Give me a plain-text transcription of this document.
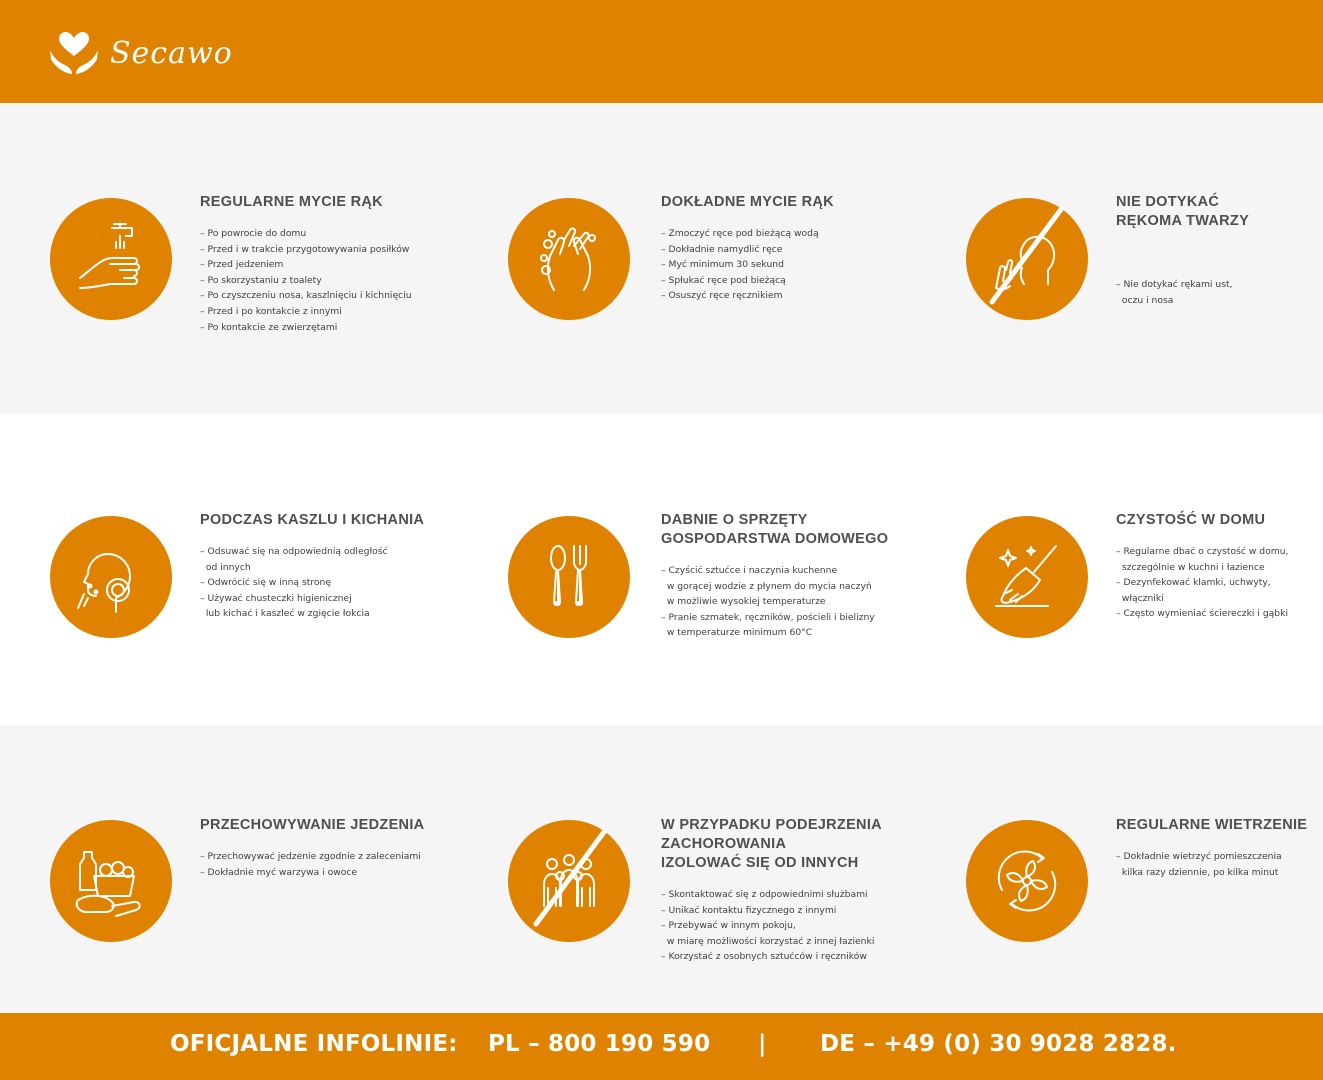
Secawo
REGULARNE MYCIE RĄK
– Po powrocie do domu
– Przed i w trakcie przygotowywania posiłków
– Przed jedzeniem
– Po skorzystaniu z toalety
– Po czyszczeniu nosa, kaszlnięciu i kichnięciu
– Przed i po kontakcie z innymi
– Po kontakcie ze zwierzętami
DOKŁADNE MYCIE RĄK
– Zmoczyć ręce pod bieżącą wodą
– Dokładnie namydlić ręce
– Myć minimum 30 sekund
– Spłukać ręce pod bieżącą
– Osuszyć ręce ręcznikiem
NIE DOTYKAĆ
RĘKOMA TWARZY

– Nie dotykać rękami ust,
oczu i nosa

PODCZAS KASZLU I KICHANIA
– Odsuwać się na odpowiednią odległość
od innych
– Odwrócić się w inną stronę
– Używać chusteczki higienicznej
lub kichać i kaszleć w zgięcie łokcia
DABNIE O SPRZĘTY
GOSPODARSTWA DOMOWEGO
– Czyścić sztućce i naczynia kuchenne
w gorącej wodzie z płynem do mycia naczyń
w możliwie wysokiej temperaturze
– Pranie szmatek, ręczników, pościeli i bielizny
w temperaturze minimum 60°C
CZYSTOŚĆ W DOMU
– Regularne dbać o czystość w domu,
szczególnie w kuchni i łazience
– Dezynfekować klamki, uchwyty,
włączniki
– Często wymieniać ściereczki i gąbki
PRZECHOWYWANIE JEDZENIA
– Przechowywać jedzenie zgodnie z zaleceniami
– Dokładnie myć warzywa i owoce
W PRZYPADKU PODEJRZENIA
ZACHOROWANIA
IZOLOWAĆ SIĘ OD INNYCH
– Skontaktować się z odpowiednimi służbami
– Unikać kontaktu fizycznego z innymi
– Przebywać w innym pokoju,
w miarę możliwości korzystać z innej łazienki
– Korzystać z osobnych sztućców i ręczników
REGULARNE WIETRZENIE
– Dokładnie wietrzyć pomieszczenia
kilka razy dziennie, po kilka minut
OFICJALNE INFOLINIE: PL – 800 190 590 | DE – +49 (0) 30 9028 2828.
